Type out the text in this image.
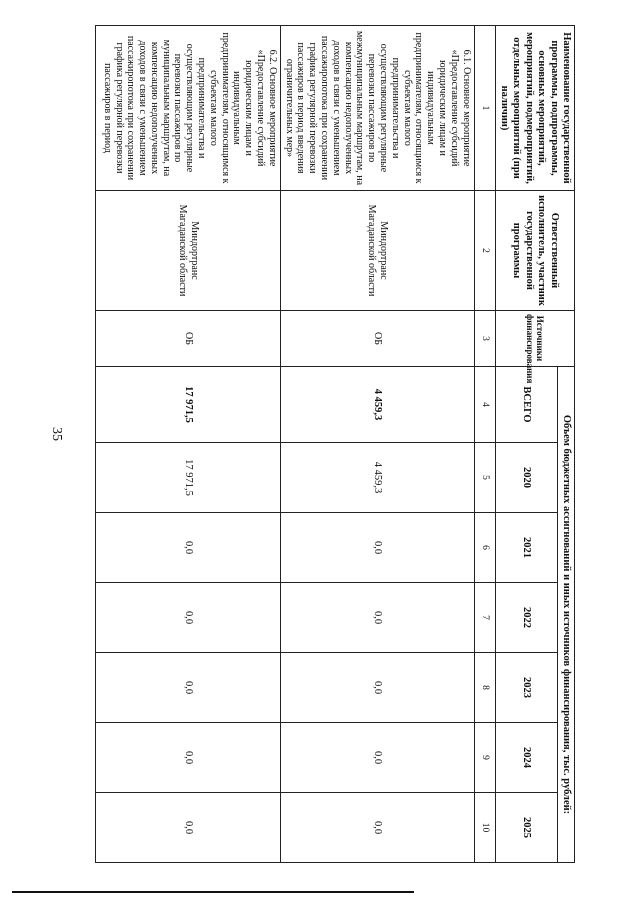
35
Наименование государственной программы, подпрограммы, основных мероприятий, мероприятий, подмероприятий, отдельных мероприятий (при наличии)	Ответственный исполнитель, участник государственной программы	Источники финансирования	Объем бюджетных ассигнований и иных источников финансирования, тыс. рублей:						
			ВСЕГО	2020	2021	2022	2023	2024	2025
1	2	3	4	5	6	7	8	9	10
6.1. Основное мероприятие «Предоставление субсидий юридическим лицам и индивидуальным предпринимателям, относящимся к субъектам малого предпринимательства и осуществляющим регулярные перевозки пассажиров по межмуниципальным маршрутам, на компенсацию недополученных доходов в связи с уменьшением пассажиропотока при сохранении графика регулярной перевозки пассажиров в период введения ограничительных мер»	Миндортранс Магаданской области	ОБ	4 459,3	4 459,3	0,0	0,0	0,0	0,0	0,0
6.2. Основное мероприятие «Предоставление субсидий юридическим лицам и индивидуальным предпринимателям, относящимся к субъектам малого предпринимательства и осуществляющим регулярные перевозки пассажиров по муниципальным маршрутам, на компенсацию недополученных доходов в связи с уменьшением пассажиропотока при сохранении графика регулярной перевозки пассажиров в период	Миндортранс Магаданской области	ОБ	17 971,5	17 971,5	0,0	0,0	0,0	0,0	0,0
